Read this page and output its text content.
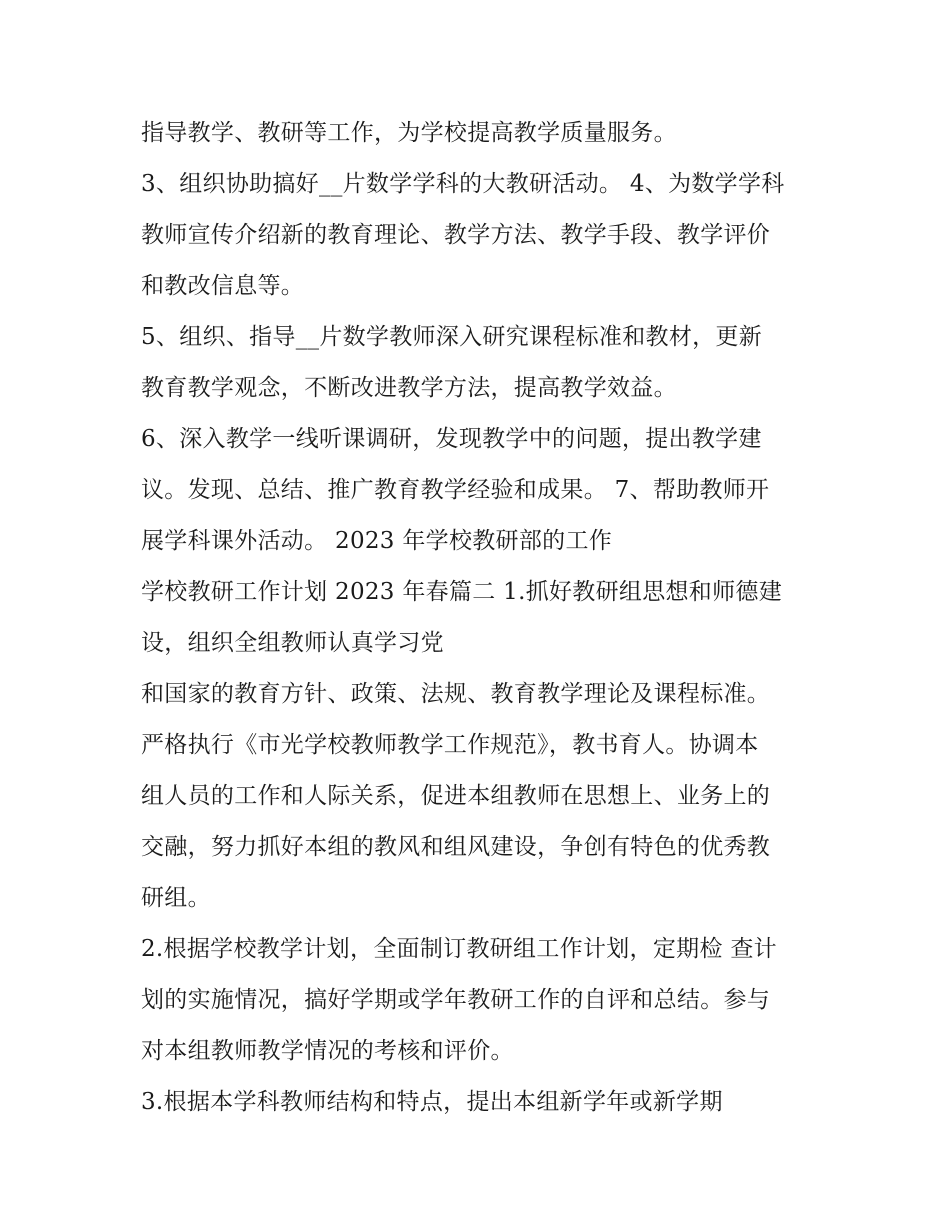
指导教学、教研等工作，为学校提高教学质量服务。
3、组织协助搞好__片数学学科的大教研活动。 4、为数学学科
教师宣传介绍新的教育理论、教学方法、教学手段、教学评价
和教改信息等。
5、组织、指导__片数学教师深入研究课程标准和教材，更新
教育教学观念，不断改进教学方法，提高教学效益。
6、深入教学一线听课调研，发现教学中的问题，提出教学建
议。发现、总结、推广教育教学经验和成果。 7、帮助教师开
展学科课外活动。 2023 年学校教研部的工作
学校教研工作计划 2023 年春篇二 1.抓好教研组思想和师德建
设，组织全组教师认真学习党
和国家的教育方针、政策、法规、教育教学理论及课程标准。
严格执行《市光学校教师教学工作规范》，教书育人。协调本
组人员的工作和人际关系，促进本组教师在思想上、业务上的
交融，努力抓好本组的教风和组风建设，争创有特色的优秀教
研组。
2.根据学校教学计划，全面制订教研组工作计划，定期检 查计
划的实施情况，搞好学期或学年教研工作的自评和总结。参与
对本组教师教学情况的考核和评价。
3.根据本学科教师结构和特点，提出本组新学年或新学期
